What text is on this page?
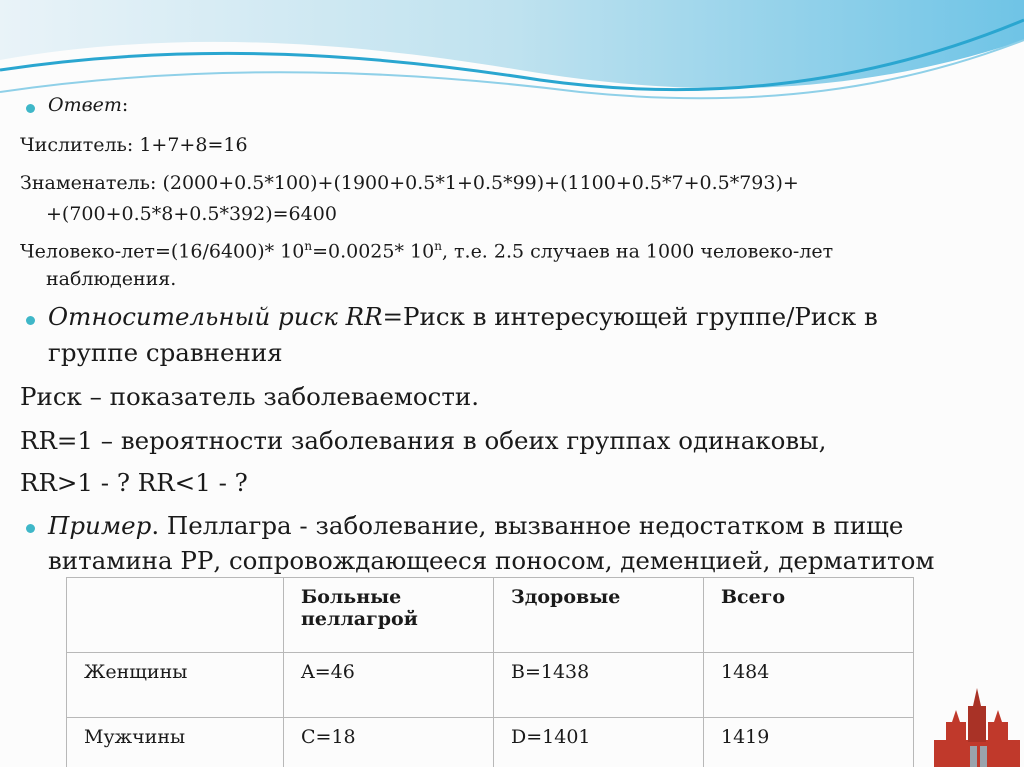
Ответ:
Числитель: 1+7+8=16
Знаменатель: (2000+0.5*100)+(1900+0.5*1+0.5*99)+(1100+0.5*7+0.5*793)+
+(700+0.5*8+0.5*392)=6400
Человеко-лет=(16/6400)* $10^n=0.0025*$ 10$^n$, т.е. 2.5 случаев на 1000 человеко-лет
наблюдения.
Относительный риск RR=Риск в интересующей группе/Риск в
группе сравнения
Риск – показатель заболеваемости.
RR=1 – вероятности заболевания в обеих группах одинаковы,
RR>1 - ? RR<1 - ?
Пример. Пеллагра - заболевание, вызванное недостатком в пище
витамина РР, сопровождающееся поносом, деменцией, дерматитом
	Больные пеллагрой	Здоровые	Всего
Женщины	A=46	B=1438	1484
Мужчины	C=18	D=1401	1419
